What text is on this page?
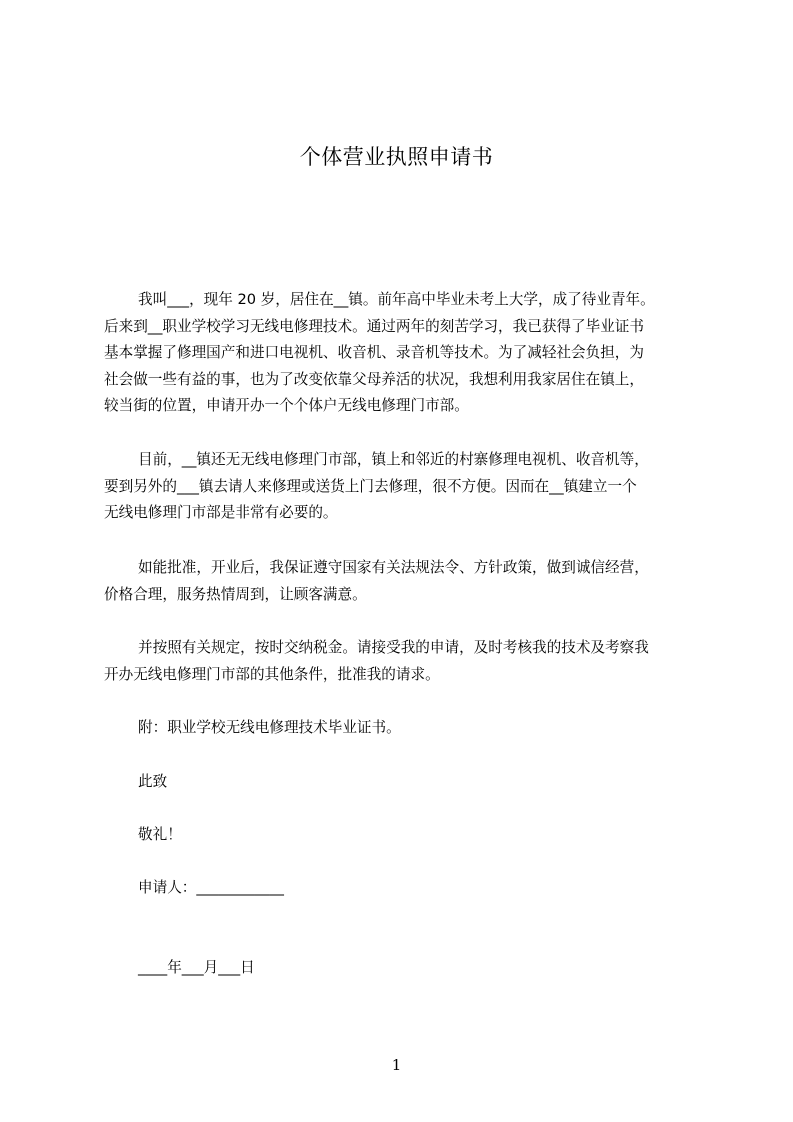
个体营业执照申请书
我叫___，现年 20 岁，居住在__镇。前年高中毕业未考上大学，成了待业青年。
后来到__职业学校学习无线电修理技术。通过两年的刻苦学习，我已获得了毕业证书
基本掌握了修理国产和进口电视机、收音机、录音机等技术。为了减轻社会负担，为
社会做一些有益的事，也为了改变依靠父母养活的状况，我想利用我家居住在镇上，
较当街的位置，申请开办一个个体户无线电修理门市部。
目前，__镇还无无线电修理门市部，镇上和邻近的村寨修理电视机、收音机等，
要到另外的___镇去请人来修理或送货上门去修理，很不方便。因而在__镇建立一个
无线电修理门市部是非常有必要的。
如能批准，开业后，我保证遵守国家有关法规法令、方针政策，做到诚信经营，
价格合理，服务热情周到，让顾客满意。
并按照有关规定，按时交纳税金。请接受我的申请，及时考核我的技术及考察我
开办无线电修理门市部的其他条件，批准我的请求。
附：职业学校无线电修理技术毕业证书。
此致
敬礼！
申请人：____________
____年___月___日
1
